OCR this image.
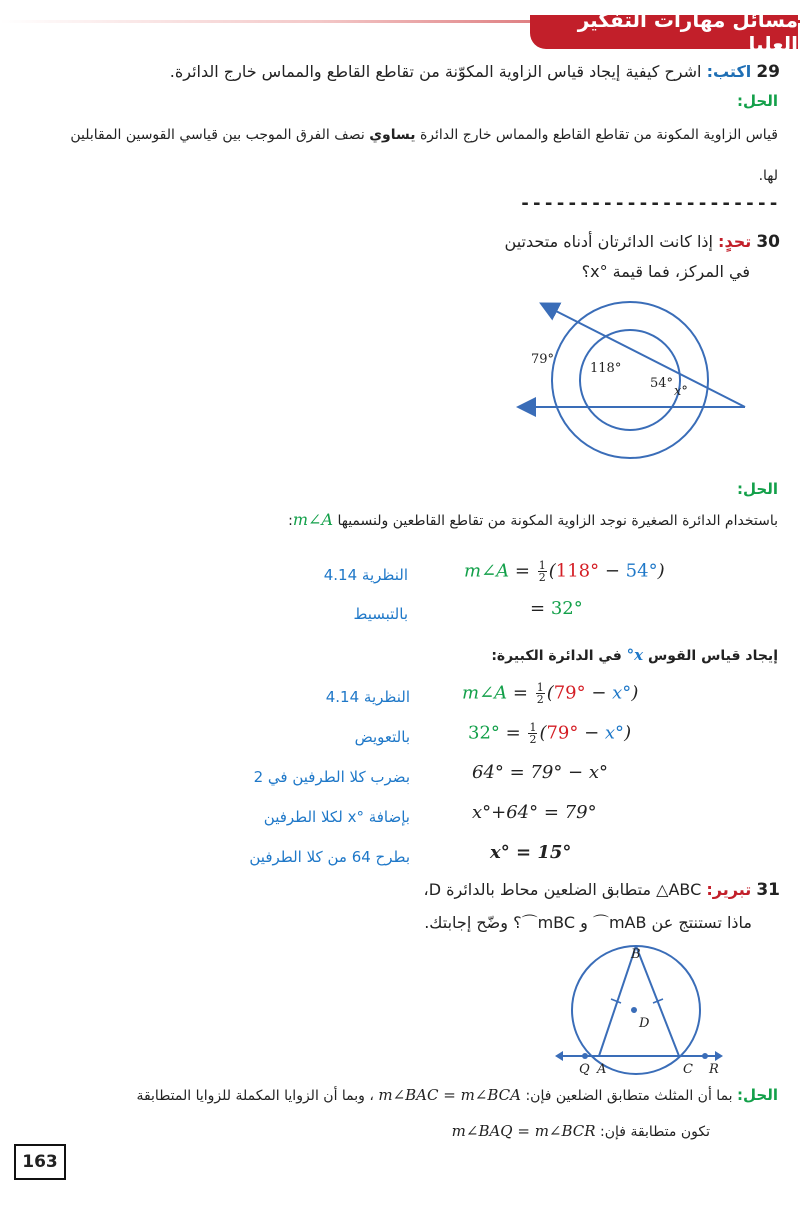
مسائل مهارات التفكير العليا
29 اكتب: اشرح كيفية إيجاد قياس الزاوية المكوّنة من تقاطع القاطع والمماس خارج الدائرة.
الحل:
قياس الزاوية المكونة من تقاطع القاطع والمماس خارج الدائرة يساوي نصف الفرق الموجب بين قياسي القوسين المقابلين
لها.
----------------------
30 تحدٍ: إذا كانت الدائرتان أدناه متحدتين
في المركز، فما قيمة °x؟
79°
118°
54°
x°
الحل:
باستخدام الدائرة الصغيرة نوجد الزاوية المكونة من تقاطع القاطعين ولنسميها m∠A:
النظرية 4.14	m∠A = $\frac{1}{2} (118^\circ - 54^\circ)$
بالتبسيط	= 32°
إيجاد قياس القوس x° في الدائرة الكبيرة:
النظرية 4.14	m∠A = $\frac{1}{2} (79^\circ - x^\circ)$
بالتعويض	$32^\circ = \frac{1}{2} (79^\circ - x^\circ)$
بضرب كلا الطرفين في 2	64° = 79° − x°
بإضافة °x لكلا الطرفين	x°+64° = 79°
بطرح 64 من كلا الطرفين	x° = 15°
31 تبرير: ABC△ متطابق الضلعين محاط بالدائرة D،
ماذا تستنتج عن mAB⌒ و mBC⌒؟ وضّح إجابتك.
B
D
Q A	C R
الحل: بما أن المثلث متطابق الضلعين فإن: m∠BAC = m∠BCA ، وبما أن الزوايا المكملة للزوايا المتطابقة
تكون متطابقة فإن: m∠BAQ = m∠BCR
163
